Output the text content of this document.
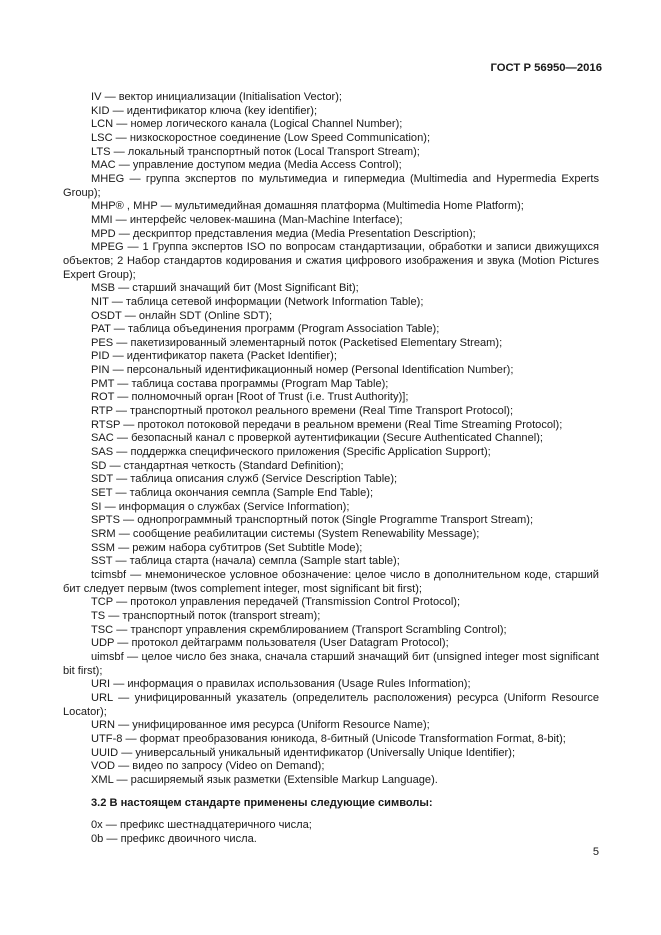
ГОСТ Р 56950—2016

IV — вектор инициализации (Initialisation Vector);

KID — идентификатор ключа (key identifier);

LCN — номер логического канала (Logical Channel Number);

LSC — низкоскоростное соединение (Low Speed Communication);

LTS — локальный транспортный поток (Local Transport Stream);

MAC — управление доступом медиа (Media Access Control);

MHEG — группа экспертов по мультимедиа и гипермедиа (Multimedia and Hypermedia Experts Group);

MHP® , MHP — мультимедийная домашняя платформа (Multimedia Home Platform);

MMI — интерфейс человек-машина (Man-Machine Interface);

MPD — дескриптор представления медиа (Media Presentation Description);

MPEG — 1 Группа экспертов ISO по вопросам стандартизации, обработки и записи движущихся объектов; 2 Набор стандартов кодирования и сжатия цифрового изображения и звука (Motion Pictures Expert Group);

MSB — старший значащий бит (Most Significant Bit);

NIT — таблица сетевой информации (Network Information Table);

OSDT — онлайн SDT (Online SDT);

PAT — таблица объединения программ (Program Association Table);

PES — пакетизированный элементарный поток (Packetised Elementary Stream);

PID — идентификатор пакета (Packet Identifier);

PIN — персональный идентификационный номер (Personal Identification Number);

PMT — таблица состава программы (Program Map Table);

ROT — полномочный орган [Root of Trust (i.e. Trust Authority)];

RTP — транспортный протокол реального времени (Real Time Transport Protocol);

RTSP — протокол потоковой передачи в реальном времени (Real Time Streaming Protocol);

SAC — безопасный канал с проверкой аутентификации (Secure Authenticated Channel);

SAS — поддержка специфического приложения (Specific Application Support);

SD — стандартная четкость (Standard Definition);

SDT — таблица описания служб (Service Description Table);

SET — таблица окончания семпла (Sample End Table);

SI — информация о службах (Service Information);

SPTS — однопрограммный транспортный поток (Single Programme Transport Stream);

SRM — сообщение реабилитации системы (System Renewability Message);

SSM — режим набора субтитров (Set Subtitle Mode);

SST — таблица старта (начала) семпла (Sample start table);

tcimsbf — мнемоническое условное обозначение: целое число в дополнительном коде, старший бит следует первым (twos complement integer, most significant bit first);

TCP — протокол управления передачей (Transmission Control Protocol);

TS — транспортный поток (transport stream);

TSC — транспорт управления скремблированием (Transport Scrambling Control);

UDP — протокол дейтаграмм пользователя (User Datagram Protocol);

uimsbf — целое число без знака, сначала старший значащий бит (unsigned integer most significant bit first);

URI — информация о правилах использования (Usage Rules Information);

URL — унифицированный указатель (определитель расположения) ресурса (Uniform Resource Locator);

URN — унифицированное имя ресурса (Uniform Resource Name);

UTF-8 — формат преобразования юникода, 8-битный (Unicode Transformation Format, 8-bit);

UUID — универсальный уникальный идентификатор (Universally Unique Identifier);

VOD — видео по запросу (Video on Demand);

XML — расширяемый язык разметки (Extensible Markup Language).

3.2 В настоящем стандарте применены следующие символы:

0x — префикс шестнадцатеричного числа;

0b — префикс двоичного числа.

5
